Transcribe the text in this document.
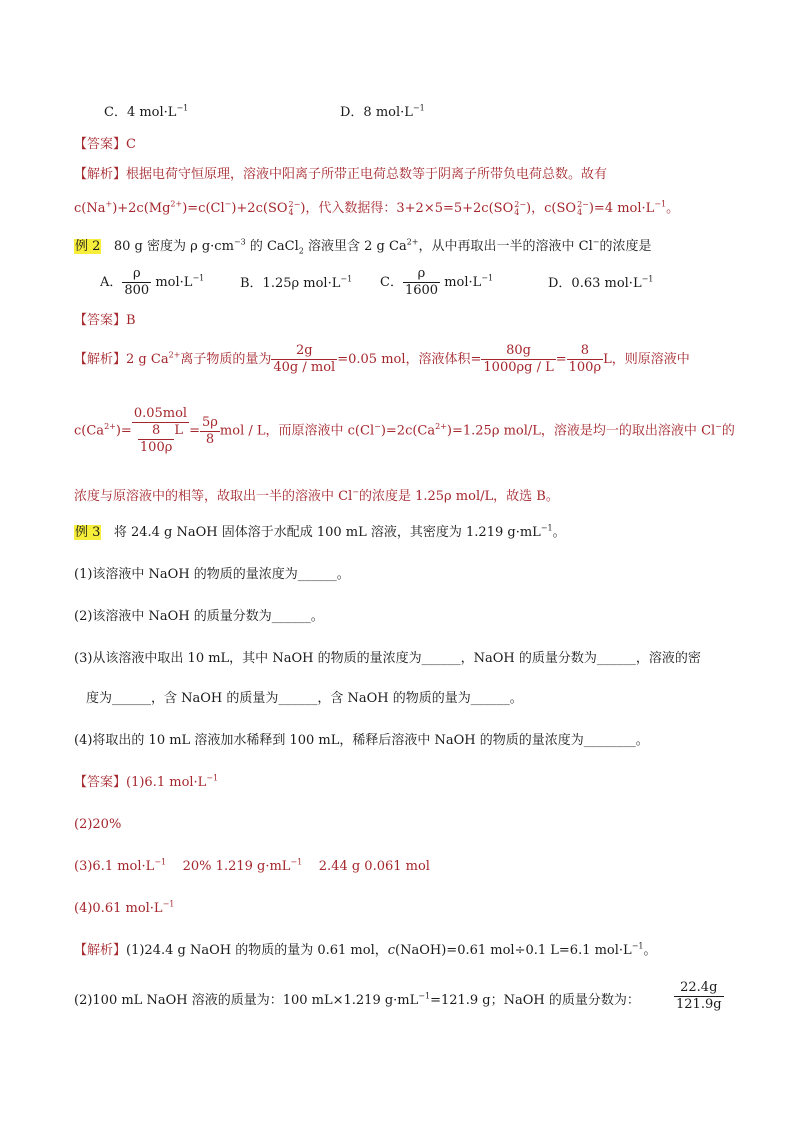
C．4 $mol\cdot L^{-1}$	D．8 $mol\cdot L^{-1}$
【答案】C
【解析】根据电荷守恒原理，溶液中阳离子所带正电荷总数等于阴离子所带负电荷总数。故有
$c(Na^+)+2c(Mg^{2+})=c(Cl^-)+2c(SO$ 2−
4 )，代入数据得：3+2×5=5+2c(SO 2−
4 )，c(SO 2−
4 )=4 $mol\cdot L^{-1}$。
例 2 80 g 密度为 ρ $g\cdot cm^{-3}$ 的 CaCl$_2$ 溶液里含 2 g $Ca^{2+}$，从中再取出一半的溶液中 Cl−的浓度是
A． $\frac{\rho}{800} mol\cdot L^{-1}$	B．1.25ρ $mol\cdot L^{-1}$ C． $\frac{\rho}{1600} mol\cdot L^{-1}$	D．0.63 $mol\cdot L^{-1}$
【答案】B
【解析】2 g $Ca^{2+}$离子物质的量为 $\frac{2g}{\text{40g / mol}} =0.05$ mol，溶液体积= $\frac{80g}{1000\rho g / L} = \frac{8}{100\rho}$ L，则原溶液中
$c(Ca^{2+})= \frac{\text{0.05mol}}{\frac{8}{100\rho} L} = \frac{5\rho}{8}$ mol / L，而原溶液中 $c(Cl^-)=2c(Ca^{2+})=1.25\rho$ mol/L，溶液是均一的取出溶液中 Cl−的
浓度与原溶液中的相等，故取出一半的溶液中 Cl−的浓度是 1.25ρ mol/L，故选 B。
例 3 将 24.4 g NaOH 固体溶于水配成 100 mL 溶液，其密度为 1.219 $g\cdot mL^{-1}$。
(1)该溶液中 NaOH 的物质的量浓度为______。
(2)该溶液中 NaOH 的质量分数为______。
(3)从该溶液中取出 10 mL，其中 NaOH 的物质的量浓度为______，NaOH 的质量分数为______，溶液的密
度为______，含 NaOH 的质量为______，含 NaOH 的物质的量为______。
(4)将取出的 10 mL 溶液加水稀释到 100 mL，稀释后溶液中 NaOH 的物质的量浓度为________。
【答案】(1)6.1 $mol\cdot L^{-1}$
(2)20%
(3)6.1 $mol\cdot L^{-1}$ 20% 1.219 $g\cdot mL^{-1}$ 2.44 g 0.061 mol
(4)0.61 $mol\cdot L^{-1}$
【解析】(1)24.4 g NaOH 的物质的量为 0.61 mol，c(NaOH)=0.61 mol÷0.1 L=6.1 $mol\cdot L^{-1}$。
(2)100 mL NaOH 溶液的质量为：100 mL×1.219 $g\cdot mL^{-1}=121.9$ g；NaOH 的质量分数为：	$\frac{22.4g}{121.9g}$
